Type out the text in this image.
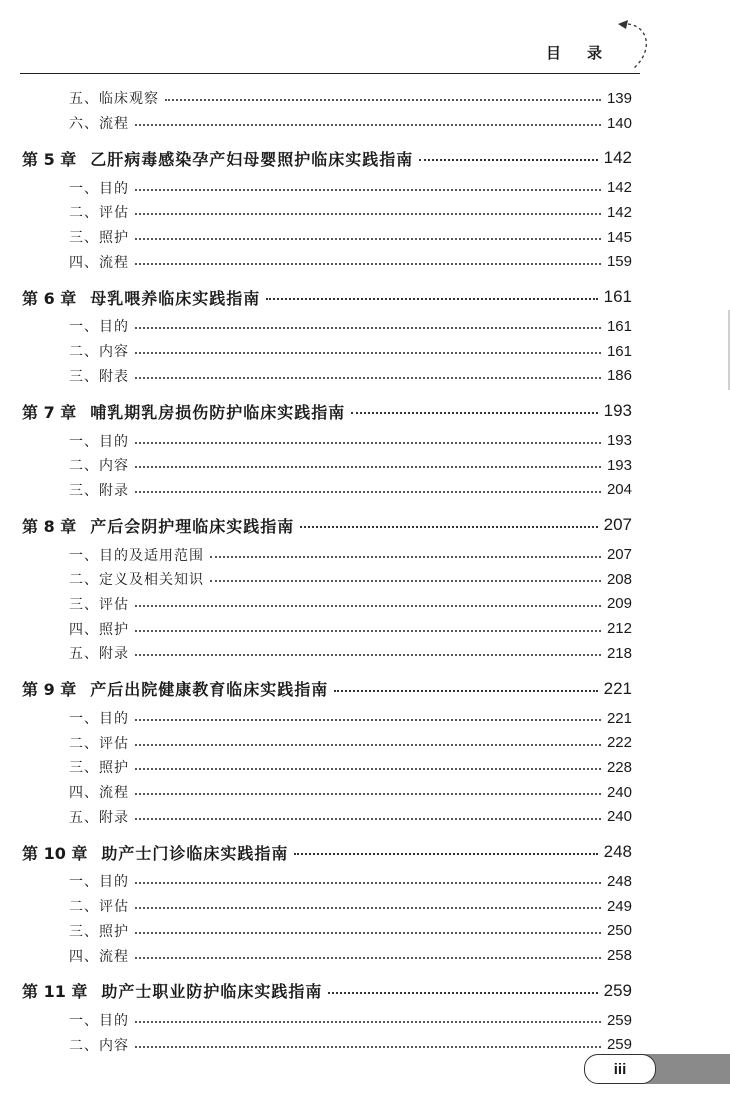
目录
五、临床观察	139
六、流程	140
第 5 章 乙肝病毒感染孕产妇母婴照护临床实践指南	142
一、目的	142
二、评估	142
三、照护	145
四、流程	159
第 6 章 母乳喂养临床实践指南	161
一、目的	161
二、内容	161
三、附表	186
第 7 章 哺乳期乳房损伤防护临床实践指南	193
一、目的	193
二、内容	193
三、附录	204
第 8 章 产后会阴护理临床实践指南	207
一、目的及适用范围	207
二、定义及相关知识	208
三、评估	209
四、照护	212
五、附录	218
第 9 章 产后出院健康教育临床实践指南	221
一、目的	221
二、评估	222
三、照护	228
四、流程	240
五、附录	240
第 10 章 助产士门诊临床实践指南	248
一、目的	248
二、评估	249
三、照护	250
四、流程	258
第 11 章 助产士职业防护临床实践指南	259
一、目的	259
二、内容	259
iii
